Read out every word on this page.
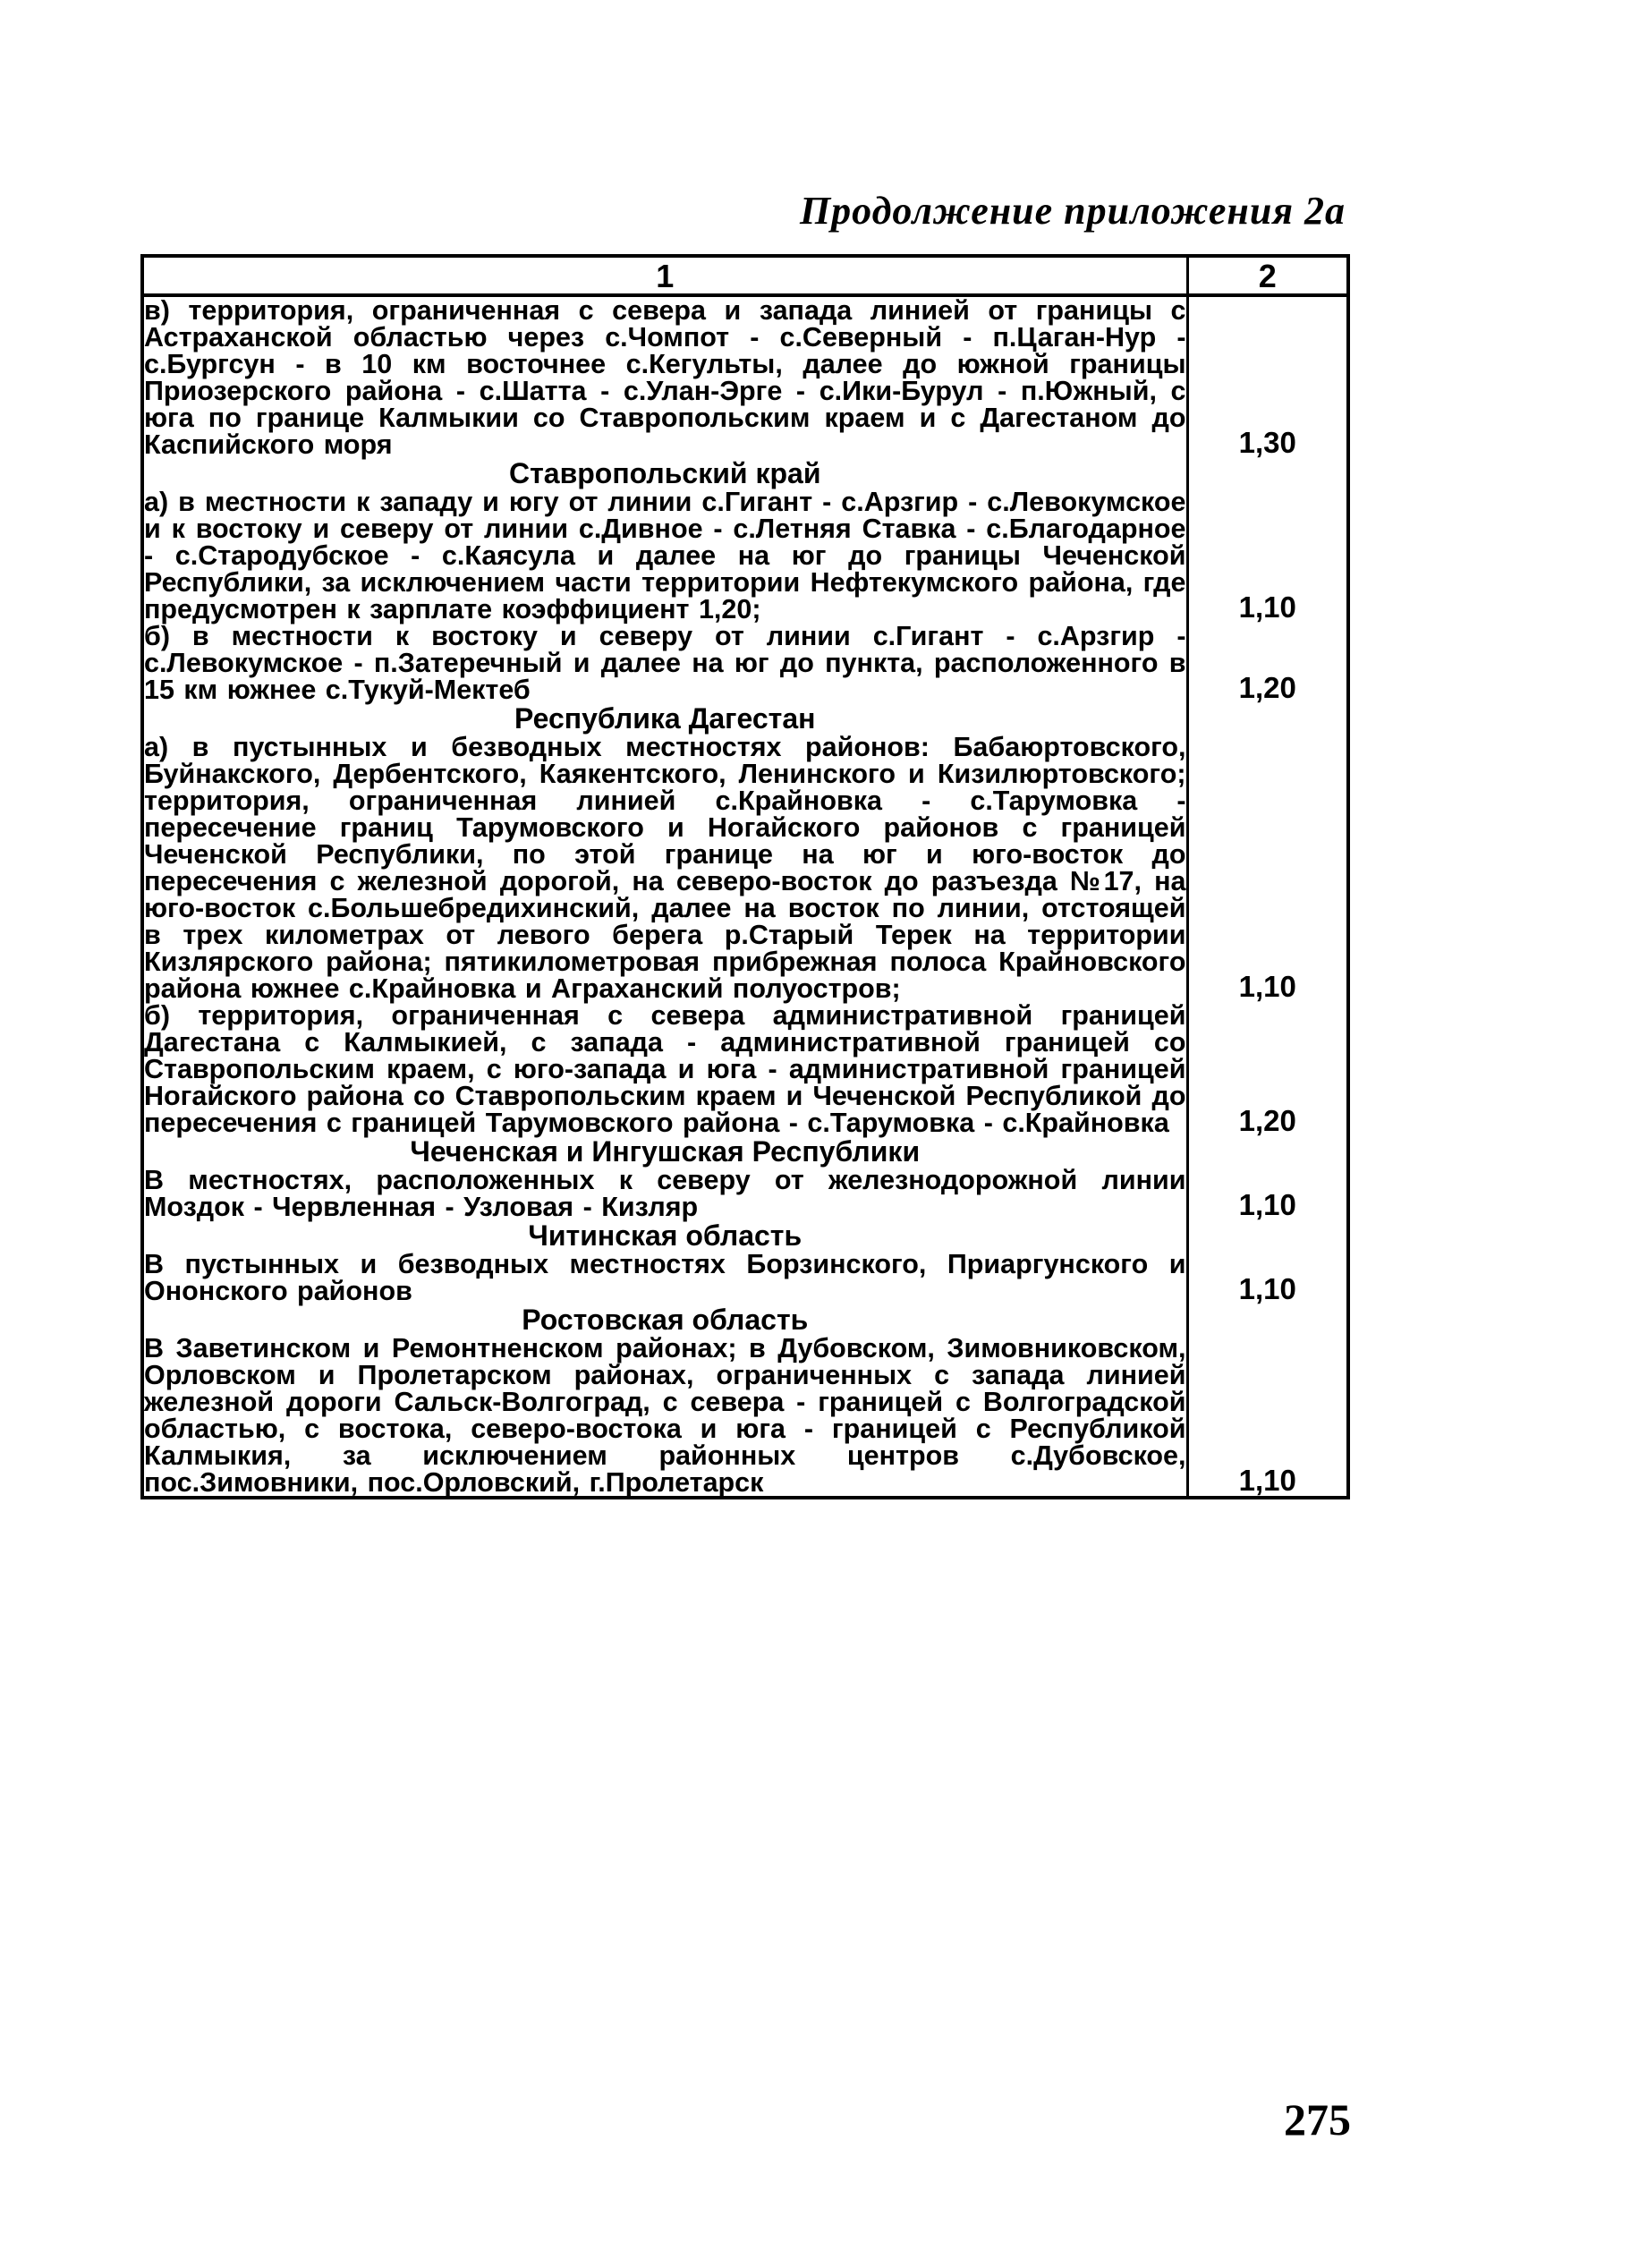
Продолжение приложения 2а
1	2
в) территория, ограниченная с севера и запада линией от границы с Астраханской областью через с.Чомпот - с.Северный - п.Цаган-Нур - с.Бургсун - в 10 км восточнее с.Кегульты, далее до южной границы Приозерского района - с.Шатта - с.Улан-Эрге - с.Ики-Бурул - п.Южный, с юга по границе Калмыкии со Ставропольским краем и с Дагестаном до Каспийского моря	1,30
Ставропольский край	
а) в местности к западу и югу от линии с.Гигант - с.Арзгир - с.Левокумское и к востоку и северу от линии с.Дивное - с.Летняя Ставка - с.Благодарное - с.Стародубское - с.Каясула и далее на юг до границы Чеченской Республики, за исключением части территории Нефтекумского района, где предусмотрен к зарплате коэффициент 1,20;	1,10
б) в местности к востоку и северу от линии с.Гигант - с.Арзгир - с.Левокумское - п.Затеречный и далее на юг до пункта, расположенного в 15 км южнее с.Тукуй-Мектеб	1,20
Республика Дагестан	
а) в пустынных и безводных местностях районов: Бабаюртовского, Буйнакского, Дербентского, Каякентского, Ленинского и Кизилюртовского; территория, ограниченная линией с.Крайновка - с.Тарумовка - пересечение границ Тарумовского и Ногайского районов с границей Чеченской Республики, по этой границе на юг и юго-восток до пересечения с железной дорогой, на северо-восток до разъезда №17, на юго-восток с.Большебредихинский, далее на восток по линии, отстоящей в трех километрах от левого берега р.Старый Терек на территории Кизлярского района; пятикилометровая прибрежная полоса Крайновского района южнее с.Крайновка и Аграханский полуостров;	1,10
б) территория, ограниченная с севера административной границей Дагестана с Калмыкией, с запада - административной границей со Ставропольским краем, с юго-запада и юга - административной границей Ногайского района со Ставропольским краем и Чеченской Республикой до пересечения с границей Тарумовского района - с.Тарумовка - с.Крайновка	1,20
Чеченская и Ингушская Республики	
В местностях, расположенных к северу от железнодорожной линии Моздок - Червленная - Узловая - Кизляр	1,10
Читинская область	
В пустынных и безводных местностях Борзинского, Приаргунского и Ононского районов	1,10
Ростовская область	
В Заветинском и Ремонтненском районах; в Дубовском, Зимовниковском, Орловском и Пролетарском районах, ограниченных с запада линией железной дороги Сальск-Волгоград, с севера - границей с Волгоградской областью, с востока, северо-востока и юга - границей с Республикой Калмыкия, за исключением районных центров с.Дубовское, пос.Зимовники, пос.Орловский, г.Пролетарск	1,10
275
